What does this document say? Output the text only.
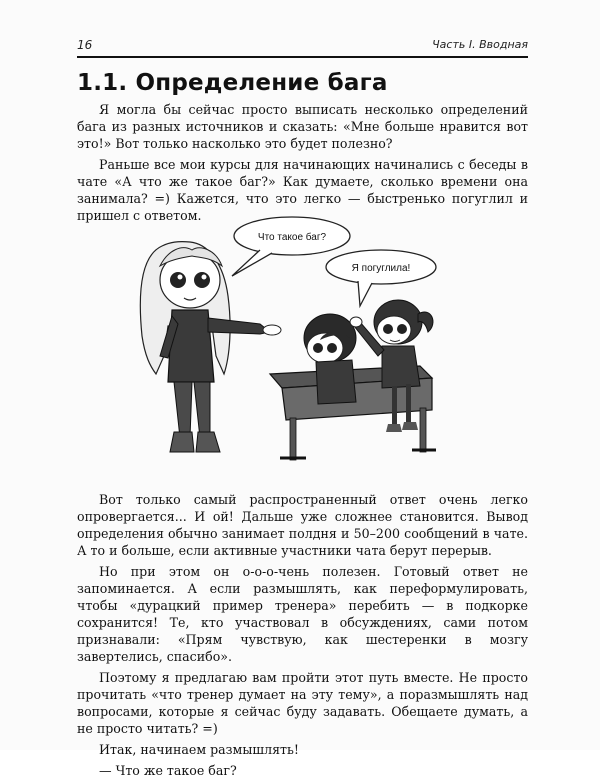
16	Часть I. Вводная
1.1. Определение бага

Я могла бы сейчас просто выписать несколько определений бага из разных источников и сказать: «Мне больше нравится вот это!» Вот только насколько это будет полезно?

Раньше все мои курсы для начинающих начинались с беседы в чате «А что же такое баг?» Как думаете, сколько времени она занимала? =) Кажется, что это легко — быстренько погуглил и пришел с ответом.

Что такое баг?
Я погуглила!

Вот только самый распространенный ответ очень легко опровергается... И ой! Дальше уже сложнее становится. Вывод определения обычно занимает полдня и 50–200 сообщений в чате. А то и больше, если активные участники чата берут перерыв.

Но при этом он о-о-о-чень полезен. Готовый ответ не запоминается. А если размышлять, как переформулировать, чтобы «дурацкий пример тренера» перебить — в подкорке сохранится! Те, кто участвовал в обсуждениях, сами потом признавали: «Прям чувствую, как шестеренки в мозгу завертелись, спасибо».

Поэтому я предлагаю вам пройти этот путь вместе. Не просто прочитать «что тренер думает на эту тему», а поразмышлять над вопросами, которые я сейчас буду задавать. Обещаете думать, а не просто читать? =)

Итак, начинаем размышлять!

— Что же такое баг?
